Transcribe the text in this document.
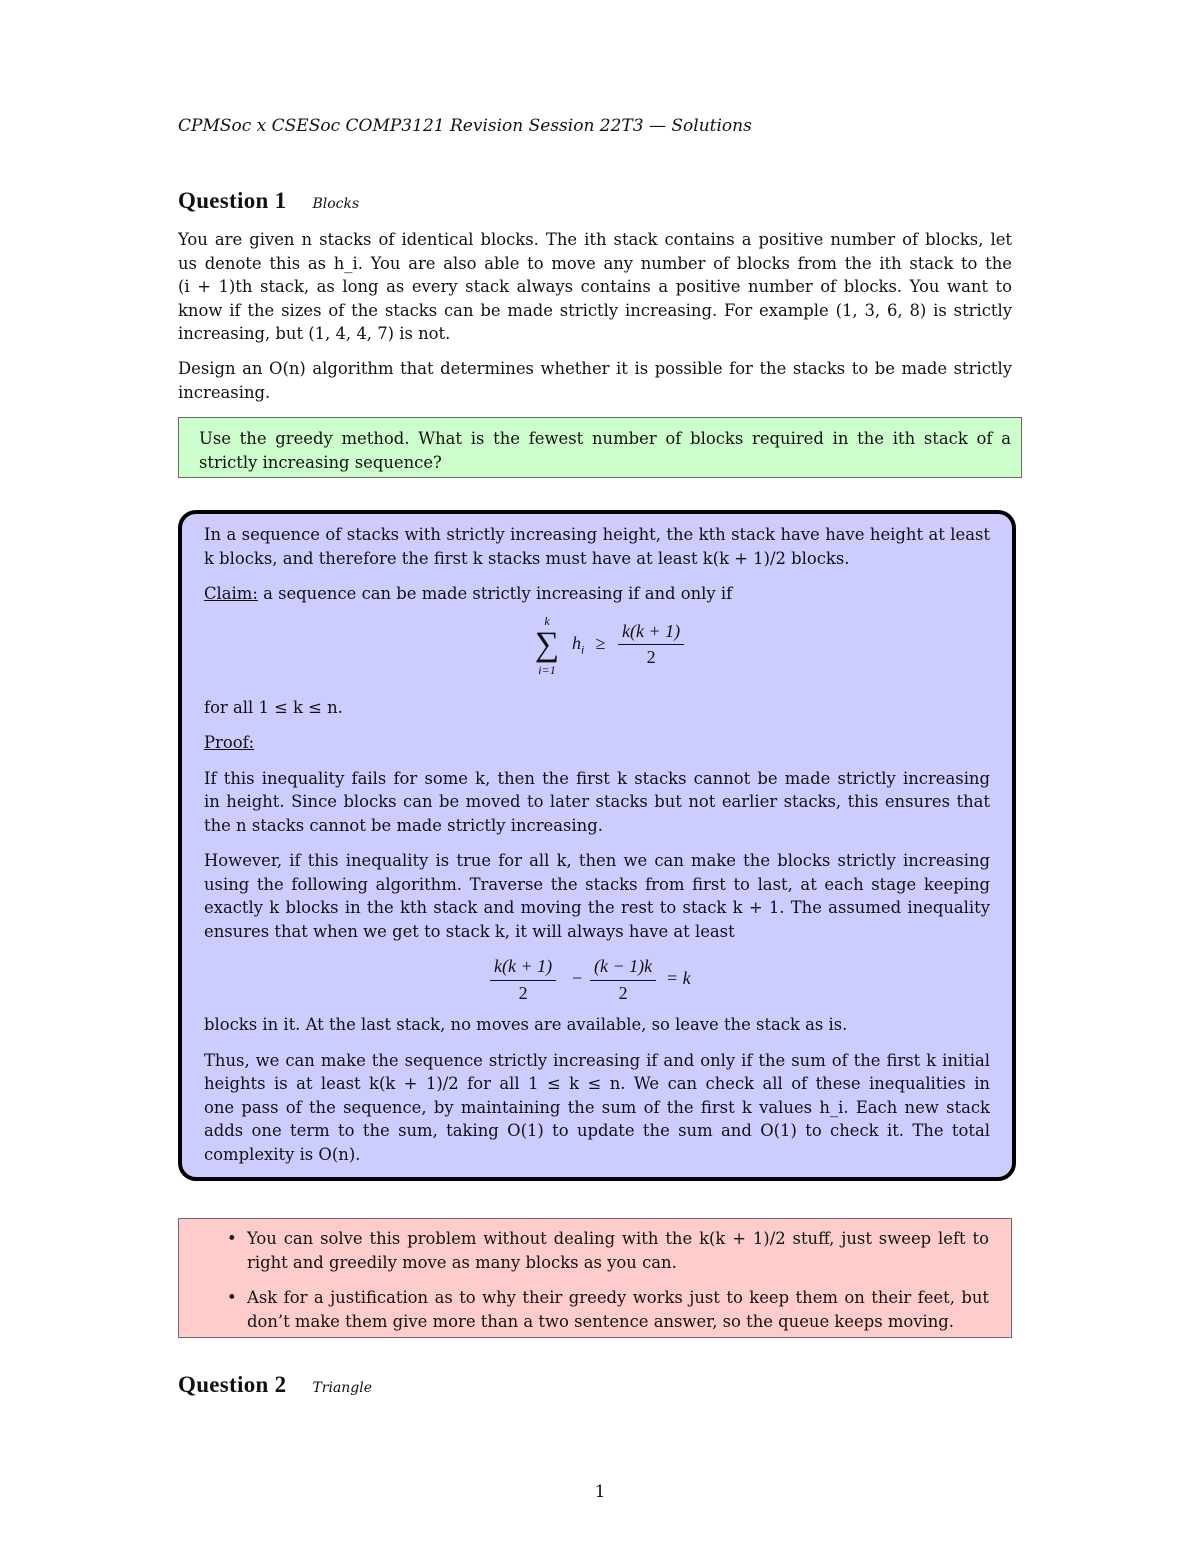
CPMSoc x CSESoc COMP3121 Revision Session 22T3 — Solutions
Question 1 Blocks
You are given n stacks of identical blocks. The ith stack contains a positive number of blocks, let
us denote this as h_i. You are also able to move any number of blocks from the ith stack to the
(i + 1)th stack, as long as every stack always contains a positive number of blocks. You want to
know if the sizes of the stacks can be made strictly increasing. For example (1, 3, 6, 8) is strictly
increasing, but (1, 4, 4, 7) is not.
Design an O(n) algorithm that determines whether it is possible for the stacks to be made strictly
increasing.
Use the greedy method. What is the fewest number of blocks required in the ith stack of a
strictly increasing sequence?

In a sequence of stacks with strictly increasing height, the kth stack have have height at least
k blocks, and therefore the first k stacks must have at least k(k + 1)/2 blocks.

Claim: a sequence can be made strictly increasing if and only if

k
∑
i=1
$h_i \ge \frac{k(k + 1)}{2}$

for all 1 ≤ k ≤ n.

Proof:

If this inequality fails for some k, then the first k stacks cannot be made strictly increasing
in height. Since blocks can be moved to later stacks but not earlier stacks, this ensures that
the n stacks cannot be made strictly increasing.

However, if this inequality is true for all k, then we can make the blocks strictly increasing
using the following algorithm. Traverse the stacks from first to last, at each stage keeping
exactly k blocks in the kth stack and moving the rest to stack k + 1. The assumed inequality
ensures that when we get to stack k, it will always have at least

$\frac{k(k + 1)}{2} - \frac{(k - 1)k}{2} = k$

blocks in it. At the last stack, no moves are available, so leave the stack as is.

Thus, we can make the sequence strictly increasing if and only if the sum of the first k initial
heights is at least k(k + 1)/2 for all 1 ≤ k ≤ n. We can check all of these inequalities in
one pass of the sequence, by maintaining the sum of the first k values h_i. Each new stack
adds one term to the sum, taking O(1) to update the sum and O(1) to check it. The total
complexity is O(n).

• You can solve this problem without dealing with the k(k + 1)/2 stuff, just sweep left to
right and greedily move as many blocks as you can.
• Ask for a justification as to why their greedy works just to keep them on their feet, but
don’t make them give more than a two sentence answer, so the queue keeps moving.
Question 2 Triangle
1
